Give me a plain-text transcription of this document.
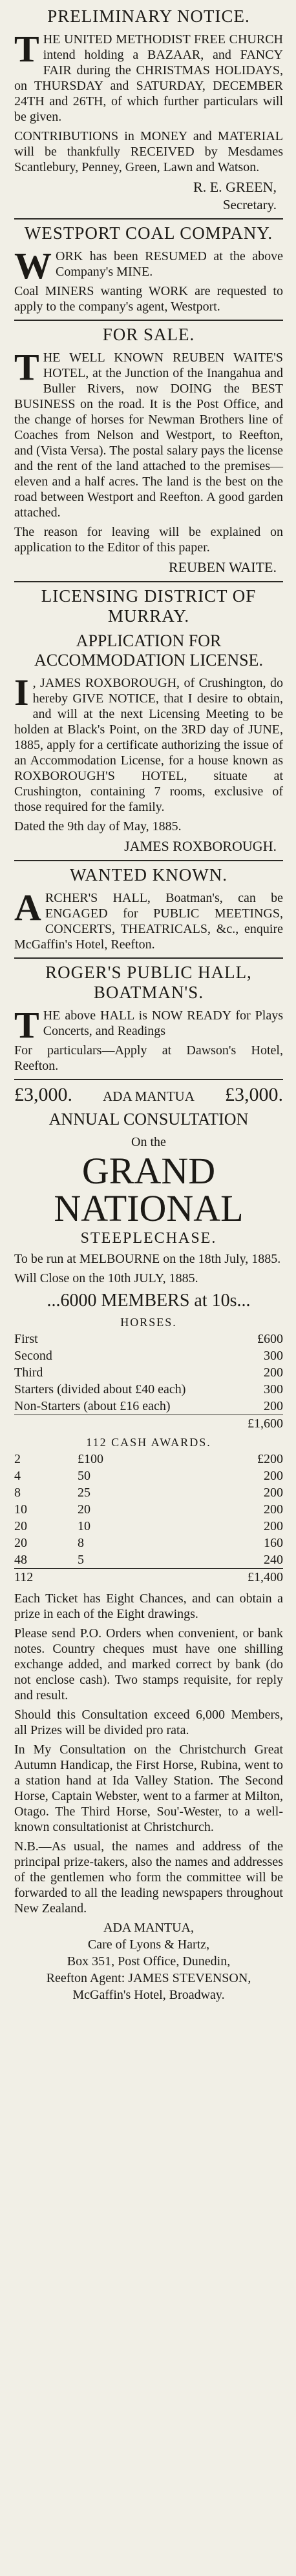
PRELIMINARY NOTICE.

THE UNITED METHODIST FREE CHURCH intend holding a BAZAAR, and FANCY FAIR during the CHRISTMAS HOLIDAYS, on THURSDAY and SATURDAY, DECEMBER 24TH and 26TH, of which further particulars will be given.

CONTRIBUTIONS in MONEY and MATERIAL will be thankfully RECEIVED by Mesdames Scantlebury, Penney, Green, Lawn and Watson.

R. E. GREEN,
Secretary.
WESTPORT COAL COMPANY.

WORK has been RESUMED at the above Company's MINE.

Coal MINERS wanting WORK are requested to apply to the company's agent, Westport.

FOR SALE.

THE WELL KNOWN REUBEN WAITE'S HOTEL, at the Junction of the Inangahua and Buller Rivers, now DOING the BEST BUSINESS on the road. It is the Post Office, and the change of horses for Newman Brothers line of Coaches from Nelson and Westport, to Reefton, and (Vista Versa). The postal salary pays the license and the rent of the land attached to the premises—eleven and a half acres. The land is the best on the road between Westport and Reefton. A good garden attached.

The reason for leaving will be explained on application to the Editor of this paper.

REUBEN WAITE.
LICENSING DISTRICT OF MURRAY.
APPLICATION FOR ACCOMMODATION LICENSE.

I , JAMES ROXBOROUGH, of Crushington, do hereby GIVE NOTICE, that I desire to obtain, and will at the next Licensing Meeting to be holden at Black's Point, on the 3RD day of JUNE, 1885, apply for a certificate authorizing the issue of an Accommodation License, for a house known as ROXBOROUGH'S HOTEL, situate at Crushington, containing 7 rooms, exclusive of those required for the family.

Dated the 9th day of May, 1885.

JAMES ROXBOROUGH.
WANTED KNOWN.

ARCHER'S HALL, Boatman's, can be ENGAGED for PUBLIC MEETINGS, CONCERTS, THEATRICALS, &c., enquire McGaffin's Hotel, Reefton.

ROGER'S PUBLIC HALL, BOATMAN'S.

THE above HALL is NOW READY for Plays Concerts, and Readings

For particulars—Apply at Dawson's Hotel, Reefton.

£3,000. ADA MANTUA £3,000.
ANNUAL CONSULTATION
On the
GRAND NATIONAL
STEEPLECHASE.

To be run at MELBOURNE on the 18th July, 1885.

Will Close on the 10th JULY, 1885.

...6000 MEMBERS at 10s...
HORSES.
First	£600
Second	300
Third	200
Starters (divided about £40 each)	300
Non-Starters (about £16 each)	200
	£1,600
112 CASH AWARDS.
2	£100	£200
4	50	200
8	25	200
10	20	200
20	10	200
20	8	160
48	5	240
112		£1,400

Each Ticket has Eight Chances, and can obtain a prize in each of the Eight drawings.

Please send P.O. Orders when convenient, or bank notes. Country cheques must have one shilling exchange added, and marked correct by bank (do not enclose cash). Two stamps requisite, for reply and result.

Should this Consultation exceed 6,000 Members, all Prizes will be divided pro rata.

In My Consultation on the Christchurch Great Autumn Handicap, the First Horse, Rubina, went to a station hand at Ida Valley Station. The Second Horse, Captain Webster, went to a farmer at Milton, Otago. The Third Horse, Sou'-Wester, to a well-known consultationist at Christchurch.

N.B.—As usual, the names and address of the principal prize-takers, also the names and addresses of the gentlemen who form the committee will be forwarded to all the leading newspapers throughout New Zealand.

ADA MANTUA,
Care of Lyons & Hartz,
Box 351, Post Office, Dunedin,
Reefton Agent: JAMES STEVENSON,
McGaffin's Hotel, Broadway.
